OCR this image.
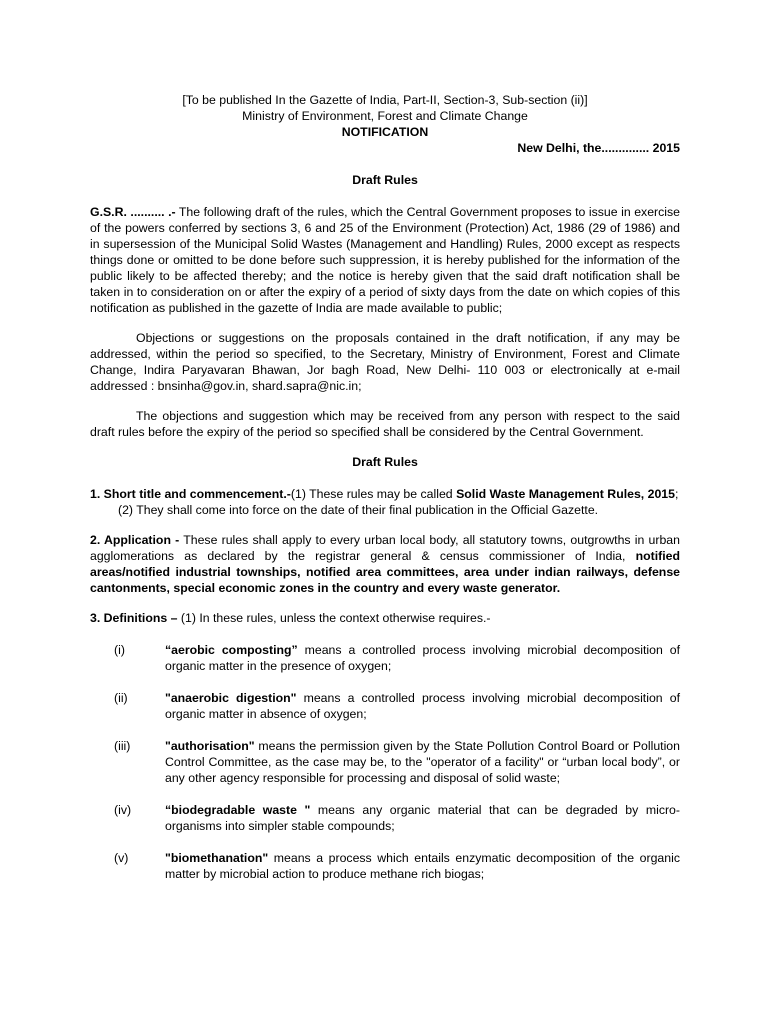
[To be published In the Gazette of India, Part-II, Section-3, Sub-section (ii)]

Ministry of Environment, Forest and Climate Change

NOTIFICATION

New Delhi, the.............. 2015

Draft Rules

G.S.R. .......... .- The following draft of the rules, which the Central Government proposes to issue in exercise of the powers conferred by sections 3, 6 and 25 of the Environment (Protection) Act, 1986 (29 of 1986) and in supersession of the Municipal Solid Wastes (Management and Handling) Rules, 2000 except as respects things done or omitted to be done before such suppression, it is hereby published for the information of the public likely to be affected thereby; and the notice is hereby given that the said draft notification shall be taken in to consideration on or after the expiry of a period of sixty days from the date on which copies of this notification as published in the gazette of India are made available to public;

Objections or suggestions on the proposals contained in the draft notification, if any may be addressed, within the period so specified, to the Secretary, Ministry of Environment, Forest and Climate Change, Indira Paryavaran Bhawan, Jor bagh Road, New Delhi- 110 003 or electronically at e-mail addressed : bnsinha@gov.in, shard.sapra@nic.in;

The objections and suggestion which may be received from any person with respect to the said draft rules before the expiry of the period so specified shall be considered by the Central Government.

Draft Rules

1. Short title and commencement.-(1) These rules may be called Solid Waste Management Rules, 2015;

(2) They shall come into force on the date of their final publication in the Official Gazette.

2. Application - These rules shall apply to every urban local body, all statutory towns, outgrowths in urban agglomerations as declared by the registrar general & census commissioner of India, notified areas/notified industrial townships, notified area committees, area under indian railways, defense cantonments, special economic zones in the country and every waste generator.

3. Definitions – (1) In these rules, unless the context otherwise requires.-

(i)	“aerobic composting” means a controlled process involving microbial decomposition of organic matter in the presence of oxygen;
(ii)	"anaerobic digestion" means a controlled process involving microbial decomposition of organic matter in absence of oxygen;
(iii)	"authorisation" means the permission given by the State Pollution Control Board or Pollution Control Committee, as the case may be, to the "operator of a facility" or “urban local body”, or any other agency responsible for processing and disposal of solid waste;
(iv)	“biodegradable waste " means any organic material that can be degraded by micro-organisms into simpler stable compounds;
(v)	"biomethanation" means a process which entails enzymatic decomposition of the organic matter by microbial action to produce methane rich biogas;
